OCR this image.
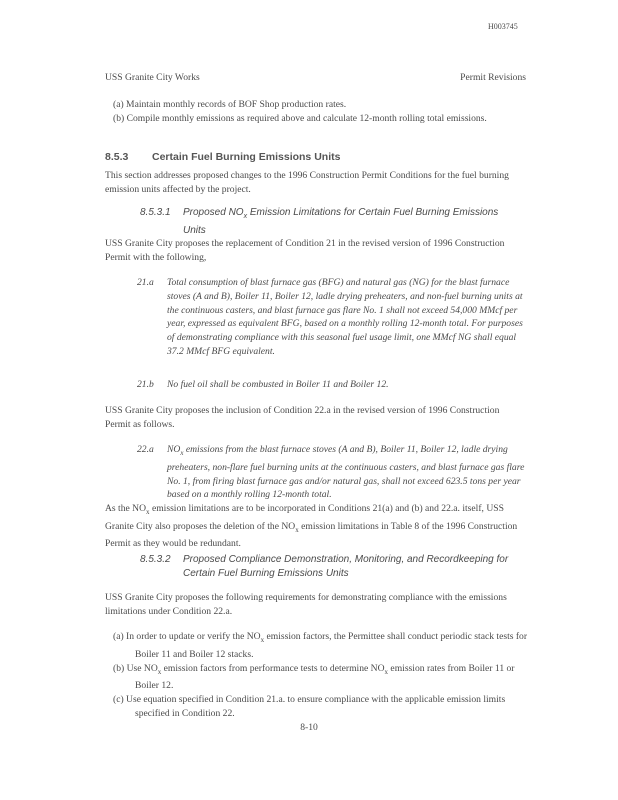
H003745
USS Granite City Works	Permit Revisions
(a) Maintain monthly records of BOF Shop production rates.
(b) Compile monthly emissions as required above and calculate 12-month rolling total emissions.
8.5.3 Certain Fuel Burning Emissions Units
This section addresses proposed changes to the 1996 Construction Permit Conditions for the fuel burning emission units affected by the project.
8.5.3.1 Proposed $NO_x$ Emission Limitations for Certain Fuel Burning Emissions Units
USS Granite City proposes the replacement of Condition 21 in the revised version of 1996 Construction Permit with the following,
21.a	Total consumption of blast furnace gas (BFG) and natural gas (NG) for the blast furnace stoves (A and B), Boiler 11, Boiler 12, ladle drying preheaters, and non-fuel burning units at the continuous casters, and blast furnace gas flare No. 1 shall not exceed 54,000 MMcf per year, expressed as equivalent BFG, based on a monthly rolling 12-month total. For purposes of demonstrating compliance with this seasonal fuel usage limit, one MMcf NG shall equal 37.2 MMcf BFG equivalent.
21.b	No fuel oil shall be combusted in Boiler 11 and Boiler 12.
USS Granite City proposes the inclusion of Condition 22.a in the revised version of 1996 Construction Permit as follows.
22.a	$NO_x$ emissions from the blast furnace stoves (A and B), Boiler 11, Boiler 12, ladle drying preheaters, non-flare fuel burning units at the continuous casters, and blast furnace gas flare No. 1, from firing blast furnace gas and/or natural gas, shall not exceed 623.5 tons per year based on a monthly rolling 12-month total.
As the $NO_x$ emission limitations are to be incorporated in Conditions 21(a) and (b) and 22.a. itself, USS Granite City also proposes the deletion of the $NO_x$ emission limitations in Table 8 of the 1996 Construction Permit as they would be redundant.
8.5.3.2 Proposed Compliance Demonstration, Monitoring, and Recordkeeping for Certain Fuel Burning Emissions Units
USS Granite City proposes the following requirements for demonstrating compliance with the emissions limitations under Condition 22.a.
(a) In order to update or verify the $NO_x$ emission factors, the Permittee shall conduct periodic stack tests for Boiler 11 and Boiler 12 stacks.
(b) Use $NO_x$ emission factors from performance tests to determine $NO_x$ emission rates from Boiler 11 or Boiler 12.
(c) Use equation specified in Condition 21.a. to ensure compliance with the applicable emission limits specified in Condition 22.
8-10
